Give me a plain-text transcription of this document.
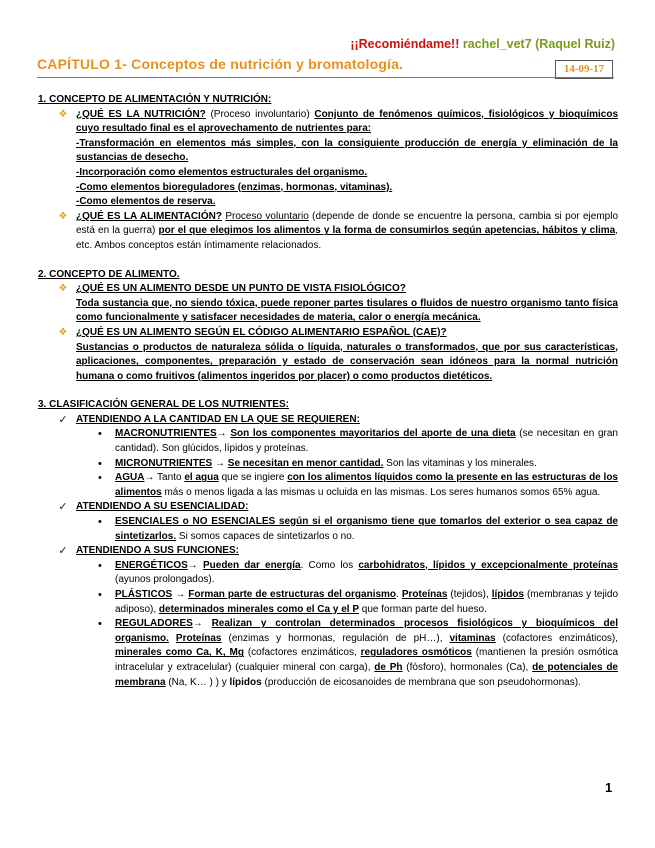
¡¡Recomiéndame!! rachel_vet7 (Raquel Ruiz)
CAPÍTULO 1- Conceptos de nutrición y bromatología.	14-09-17

1. CONCEPTO DE ALIMENTACIÓN Y NUTRICIÓN:

❖ ¿QUÉ ES LA NUTRICIÓN? (Proceso involuntario) Conjunto de fenómenos químicos, fisiológicos y bioquímicos cuyo resultado final es el aprovechamento de nutrientes para:
-Transformación en elementos más simples, con la consiguiente producción de energía y eliminación de la sustancias de desecho.
-Incorporación como elementos estructurales del organismo.
-Como elementos bioreguladores (enzimas, hormonas, vitaminas).
-Como elementos de reserva.
❖ ¿QUÉ ES LA ALIMENTACIÓN? Proceso voluntario (depende de donde se encuentre la persona, cambia si por ejemplo está en la guerra) por el que elegimos los alimentos y la forma de consumirlos según apetencias, hábitos y clima, etc. Ambos conceptos están íntimamente relacionados.

2. CONCEPTO DE ALIMENTO.

❖ ¿QUÉ ES UN ALIMENTO DESDE UN PUNTO DE VISTA FISIOLÓGICO?
Toda sustancia que, no siendo tóxica, puede reponer partes tisulares o fluidos de nuestro organismo tanto física como funcionalmente y satisfacer necesidades de materia, calor o energía mecánica.
❖ ¿QUÉ ES UN ALIMENTO SEGÚN EL CÓDIGO ALIMENTARIO ESPAÑOL (CAE)?
Sustancias o productos de naturaleza sólida o líquida, naturales o transformados, que por sus características, aplicaciones, componentes, preparación y estado de conservación sean idóneos para la normal nutrición humana o como fruitivos (alimentos ingeridos por placer) o como productos dietéticos.

3. CLASIFICACIÓN GENERAL DE LOS NUTRIENTES:

✓ ATENDIENDO A LA CANTIDAD EN LA QUE SE REQUIEREN:
• MACRONUTRIENTES→ Son los componentes mayoritarios del aporte de una dieta (se necesitan en gran cantidad). Son glúcidos, lípidos y proteínas.
• MICRONUTRIENTES → Se necesitan en menor cantidad. Son las vitaminas y los minerales.
• AGUA→ Tanto el agua que se ingiere con los alimentos líquidos como la presente en las estructuras de los alimentos más o menos ligada a las mismas u ocluida en las mismas. Los seres humanos somos 65% agua.
✓ ATENDIENDO A SU ESENCIALIDAD:
• ESENCIALES o NO ESENCIALES según si el organismo tiene que tomarlos del exterior o sea capaz de sintetizarlos. Si somos capaces de sintetizarlos o no.
✓ ATENDIENDO A SUS FUNCIONES:
• ENERGÉTICOS→ Pueden dar energía. Como los carbohidratos, lípidos y excepcionalmente proteínas (ayunos prolongados).
• PLÁSTICOS → Forman parte de estructuras del organismo. Proteínas (tejidos), lípidos (membranas y tejido adiposo), determinados minerales como el Ca y el P que forman parte del hueso.
• REGULADORES→ Realizan y controlan determinados procesos fisiológicos y bioquímicos del organismo. Proteínas (enzimas y hormonas, regulación de pH…), vitaminas (cofactores enzimáticos), minerales como Ca, K, Mg (cofactores enzimáticos, reguladores osmóticos (mantienen la presión osmótica intracelular y extracelular) (cualquier mineral con carga), de Ph (fósforo), hormonales (Ca), de potenciales de membrana (Na, K… ) ) y lípidos (producción de eicosanoides de membrana que son pseudohormonas).
1
